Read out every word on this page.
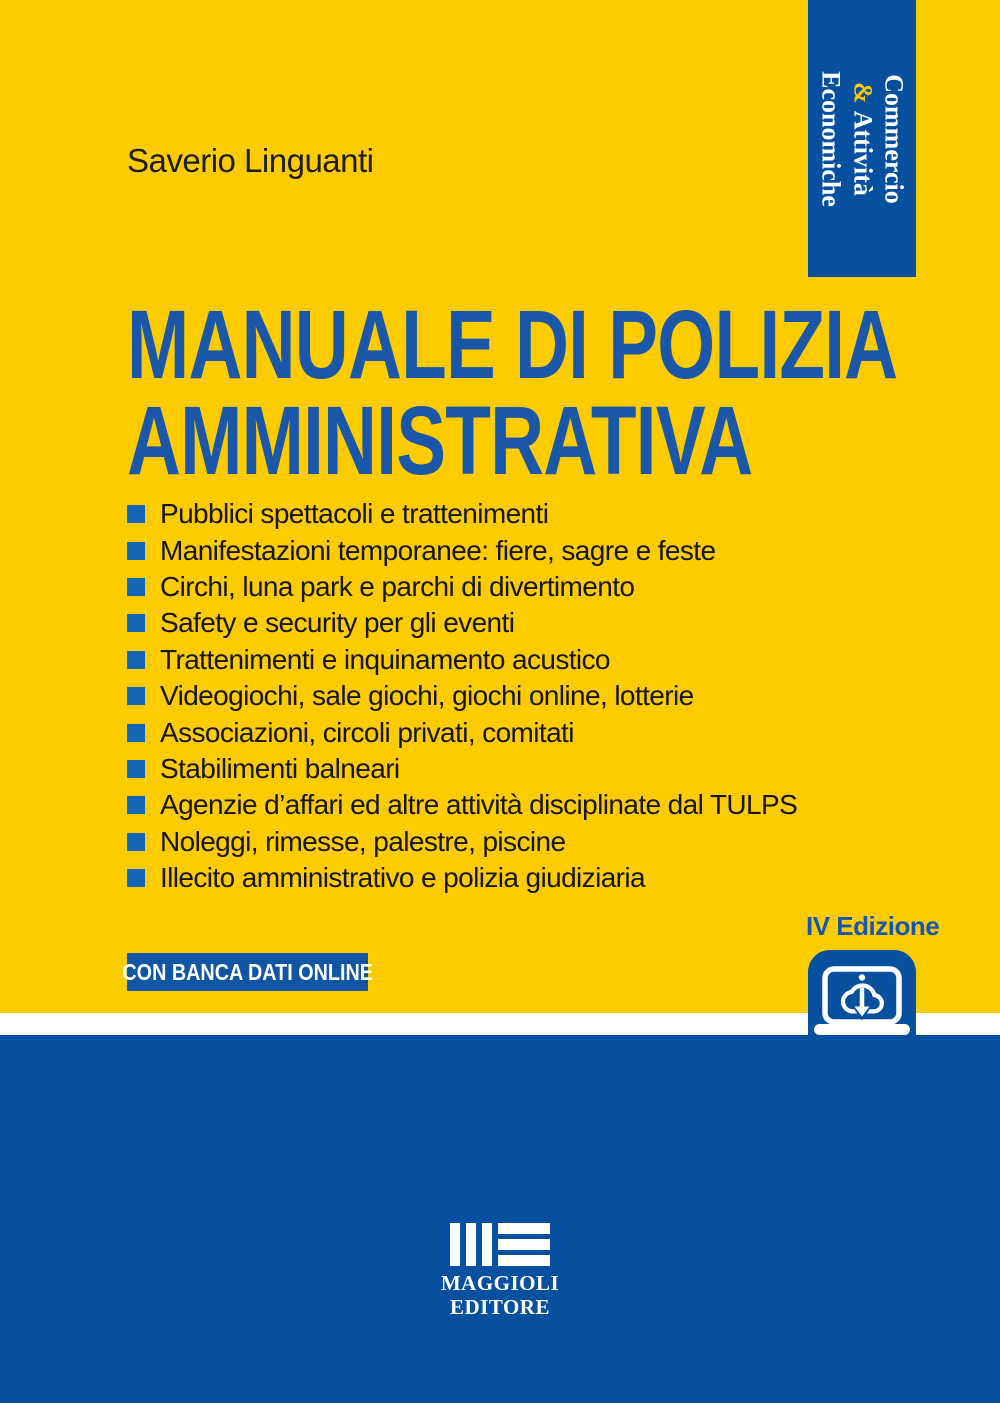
Commercio
&Attività
Economiche
Saverio Linguanti
MANUALE DI POLIZIA
AMMINISTRATIVA
Pubblici spettacoli e trattenimenti
Manifestazioni temporanee: fiere, sagre e feste
Circhi, luna park e parchi di divertimento
Safety e security per gli eventi
Trattenimenti e inquinamento acustico
Videogiochi, sale giochi, giochi online, lotterie
Associazioni, circoli privati, comitati
Stabilimenti balneari
Agenzie d’affari ed altre attività disciplinate dal TULPS
Noleggi, rimesse, palestre, piscine
Illecito amministrativo e polizia giudiziaria
IV Edizione
CON BANCA DATI ONLINE
MAGGIOLI
EDITORE
